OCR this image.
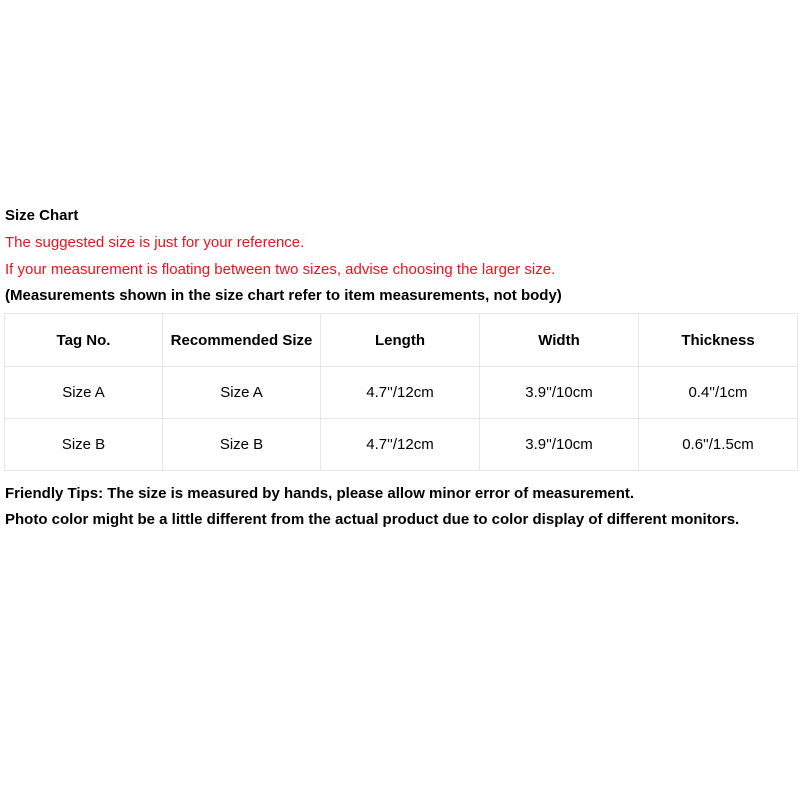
Size Chart
The suggested size is just for your reference.
If your measurement is floating between two sizes, advise choosing the larger size.
(Measurements shown in the size chart refer to item measurements, not body)
Tag No.	Recommended Size	Length	Width	Thickness
Size A	Size A	4.7''/12cm	3.9''/10cm	0.4''/1cm
Size B	Size B	4.7''/12cm	3.9''/10cm	0.6''/1.5cm
Friendly Tips: The size is measured by hands, please allow minor error of measurement.
Photo color might be a little different from the actual product due to color display of different monitors.
